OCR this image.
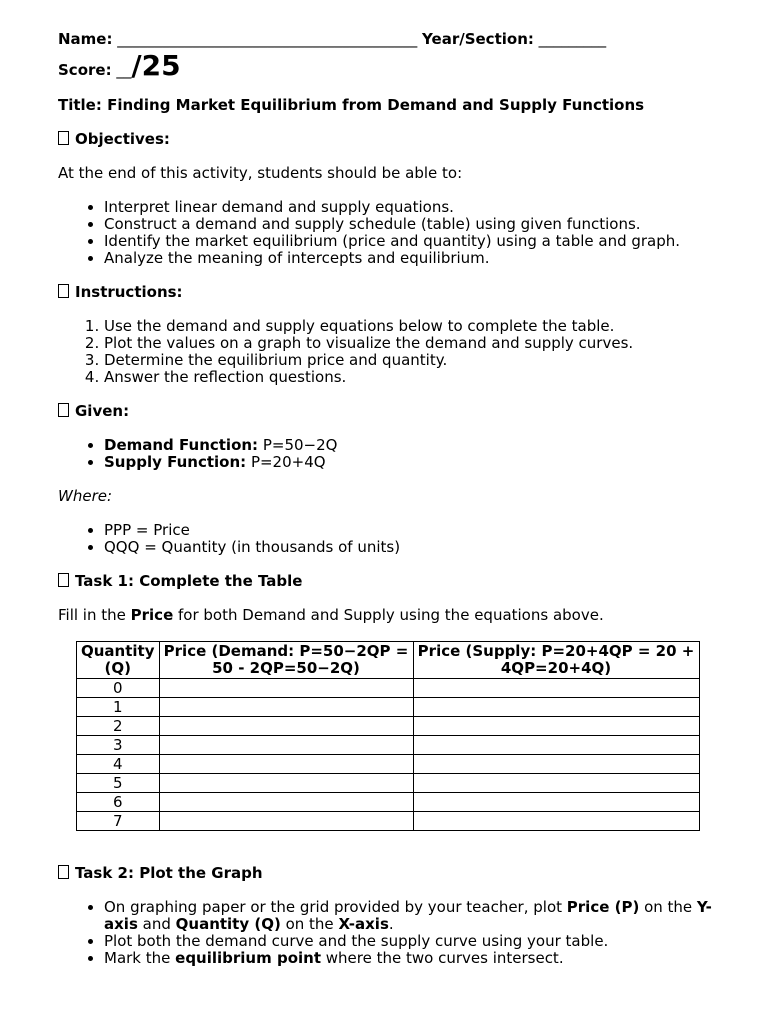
Name: ________________________________________ Year/Section: _________

Score: __/25

Title: Finding Market Equilibrium from Demand and Supply Functions

Objectives:

At the end of this activity, students should be able to:

• Interpret linear demand and supply equations.
• Construct a demand and supply schedule (table) using given functions.
• Identify the market equilibrium (price and quantity) using a table and graph.
• Analyze the meaning of intercepts and equilibrium.

Instructions:

1. Use the demand and supply equations below to complete the table.
2. Plot the values on a graph to visualize the demand and supply curves.
3. Determine the equilibrium price and quantity.
4. Answer the reflection questions.

Given:

• Demand Function: P=50−2Q
• Supply Function: P=20+4Q

Where:

• PPP = Price
• QQQ = Quantity (in thousands of units)

Task 1: Complete the Table

Fill in the Price for both Demand and Supply using the equations above.

Quantity (Q)	Price (Demand: P=50−2QP = 50 - 2QP=50−2Q)	Price (Supply: P=20+4QP = 20 + 4QP=20+4Q)
0		
1		
2		
3		
4		
5		
6		
7		

Task 2: Plot the Graph

• On graphing paper or the grid provided by your teacher, plot Price (P) on the Y-axis and Quantity (Q) on the X-axis.
• Plot both the demand curve and the supply curve using your table.
• Mark the equilibrium point where the two curves intersect.
